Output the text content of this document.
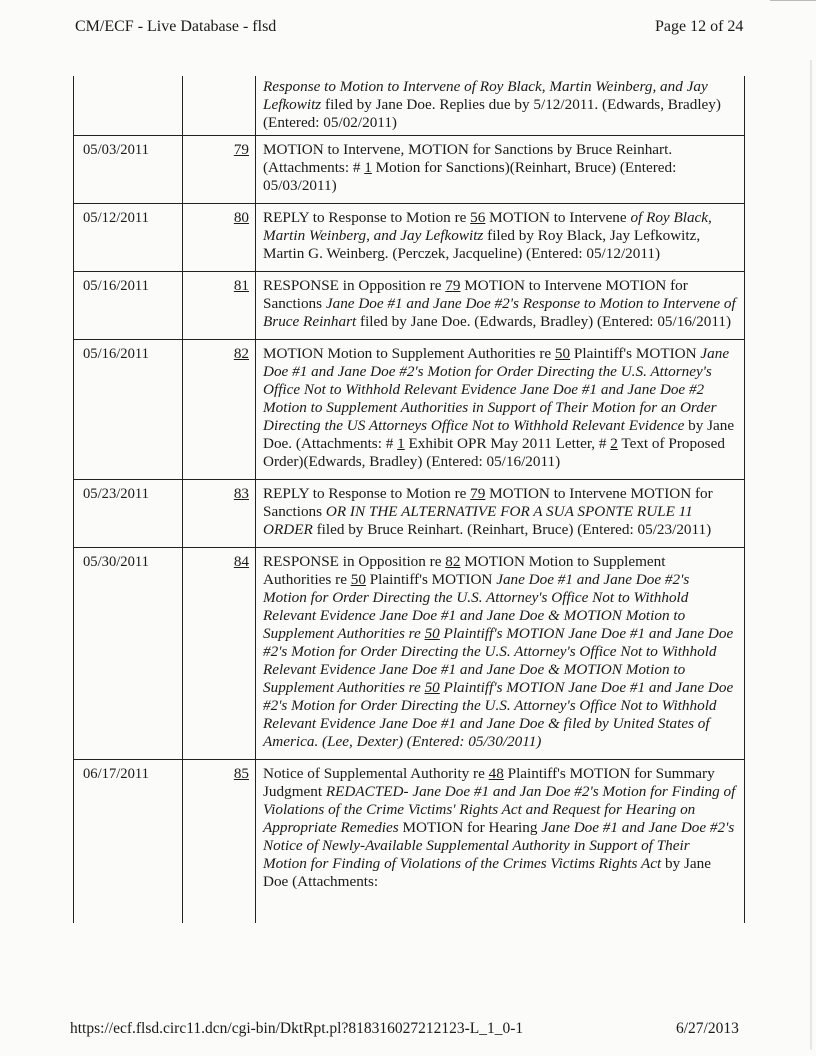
CM/ECF - Live Database - flsd	Page 12 of 24
		Response to Motion to Intervene of Roy Black, Martin Weinberg, and Jay Lefkowitz filed by Jane Doe. Replies due by 5/12/2011. (Edwards, Bradley) (Entered: 05/02/2011)
05/03/2011	79	MOTION to Intervene, MOTION for Sanctions by Bruce Reinhart. (Attachments: # 1 Motion for Sanctions)(Reinhart, Bruce) (Entered: 05/03/2011)
05/12/2011	80	REPLY to Response to Motion re 56 MOTION to Intervene of Roy Black, Martin Weinberg, and Jay Lefkowitz filed by Roy Black, Jay Lefkowitz, Martin G. Weinberg. (Perczek, Jacqueline) (Entered: 05/12/2011)
05/16/2011	81	RESPONSE in Opposition re 79 MOTION to Intervene MOTION for Sanctions Jane Doe #1 and Jane Doe #2's Response to Motion to Intervene of Bruce Reinhart filed by Jane Doe. (Edwards, Bradley) (Entered: 05/16/2011)
05/16/2011	82	MOTION Motion to Supplement Authorities re 50 Plaintiff's MOTION Jane Doe #1 and Jane Doe #2's Motion for Order Directing the U.S. Attorney's Office Not to Withhold Relevant Evidence Jane Doe #1 and Jane Doe #2 Motion to Supplement Authorities in Support of Their Motion for an Order Directing the US Attorneys Office Not to Withhold Relevant Evidence by Jane Doe. (Attachments: # 1 Exhibit OPR May 2011 Letter, # 2 Text of Proposed Order)(Edwards, Bradley) (Entered: 05/16/2011)
05/23/2011	83	REPLY to Response to Motion re 79 MOTION to Intervene MOTION for Sanctions OR IN THE ALTERNATIVE FOR A SUA SPONTE RULE 11 ORDER filed by Bruce Reinhart. (Reinhart, Bruce) (Entered: 05/23/2011)
05/30/2011	84	RESPONSE in Opposition re 82 MOTION Motion to Supplement Authorities re 50 Plaintiff's MOTION Jane Doe #1 and Jane Doe #2's Motion for Order Directing the U.S. Attorney's Office Not to Withhold Relevant Evidence Jane Doe #1 and Jane Doe & MOTION Motion to Supplement Authorities re 50 Plaintiff's MOTION Jane Doe #1 and Jane Doe #2's Motion for Order Directing the U.S. Attorney's Office Not to Withhold Relevant Evidence Jane Doe #1 and Jane Doe & MOTION Motion to Supplement Authorities re 50 Plaintiff's MOTION Jane Doe #1 and Jane Doe #2's Motion for Order Directing the U.S. Attorney's Office Not to Withhold Relevant Evidence Jane Doe #1 and Jane Doe & filed by United States of America. (Lee, Dexter) (Entered: 05/30/2011)
06/17/2011	85	Notice of Supplemental Authority re 48 Plaintiff's MOTION for Summary Judgment REDACTED- Jane Doe #1 and Jan Doe #2's Motion for Finding of Violations of the Crime Victims' Rights Act and Request for Hearing on Appropriate Remedies MOTION for Hearing Jane Doe #1 and Jane Doe #2's Notice of Newly-Available Supplemental Authority in Support of Their Motion for Finding of Violations of the Crimes Victims Rights Act by Jane Doe (Attachments:
https://ecf.flsd.circ11.dcn/cgi-bin/DktRpt.pl?818316027212123-L_1_0-1	6/27/2013
